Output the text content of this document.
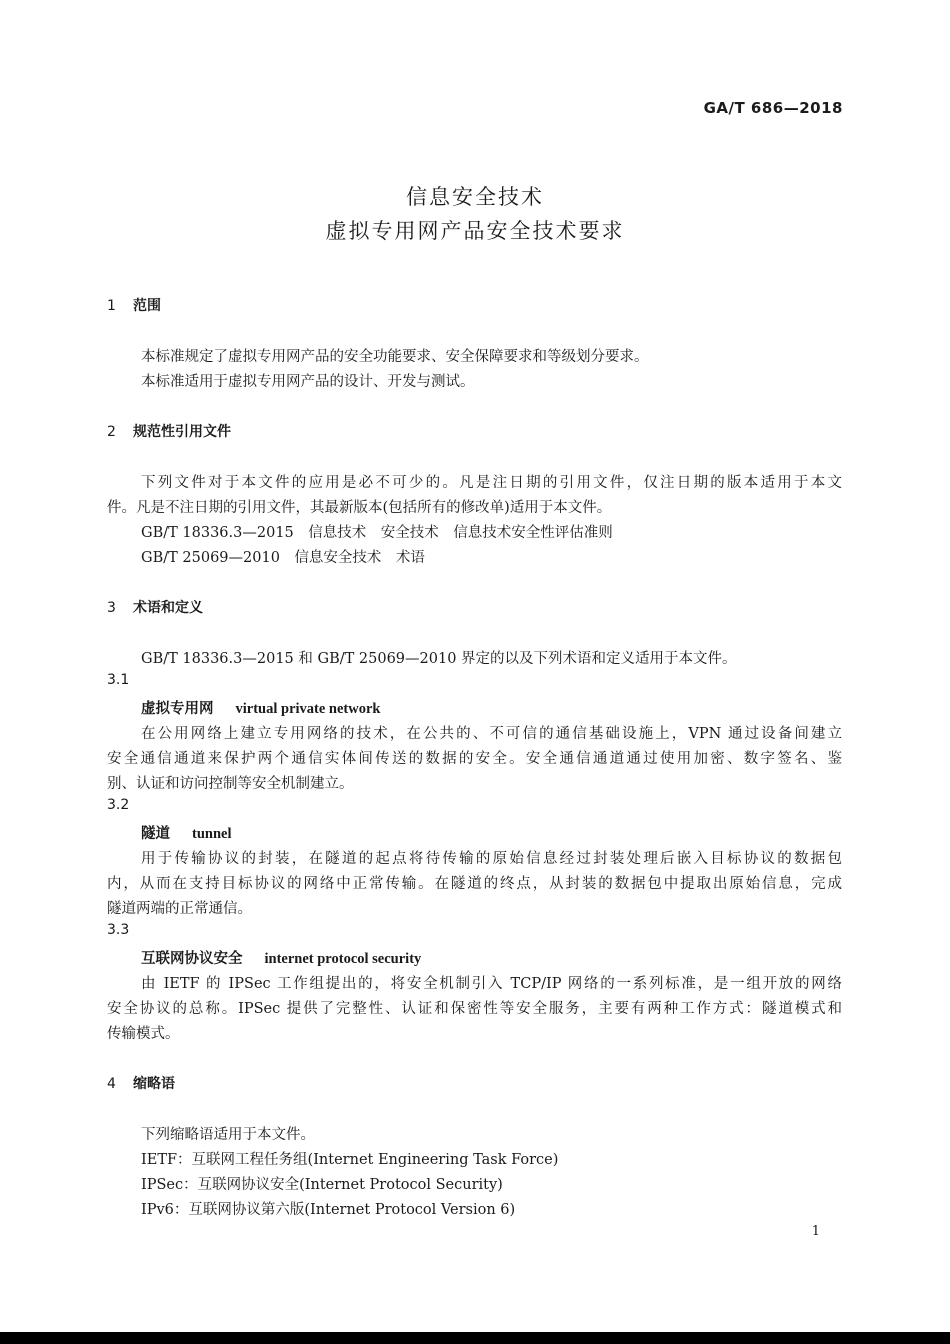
GA/T 686—2018
信息安全技术
虚拟专用网产品安全技术要求
1 范围
本标准规定了虚拟专用网产品的安全功能要求、安全保障要求和等级划分要求。
本标准适用于虚拟专用网产品的设计、开发与测试。
2 规范性引用文件
下列文件对于本文件的应用是必不可少的。凡是注日期的引用文件，仅注日期的版本适用于本文
件。凡是不注日期的引用文件，其最新版本(包括所有的修改单)适用于本文件。
GB/T 18336.3—2015　信息技术　安全技术　信息技术安全性评估准则
GB/T 25069—2010　信息安全技术　术语
3 术语和定义
GB/T 18336.3—2015 和 GB/T 25069—2010 界定的以及下列术语和定义适用于本文件。
3.1
虚拟专用网 virtual private network
在公用网络上建立专用网络的技术，在公共的、不可信的通信基础设施上，VPN 通过设备间建立
安全通信通道来保护两个通信实体间传送的数据的安全。安全通信通道通过使用加密、数字签名、鉴
别、认证和访问控制等安全机制建立。
3.2
隧道 tunnel
用于传输协议的封装，在隧道的起点将待传输的原始信息经过封装处理后嵌入目标协议的数据包
内，从而在支持目标协议的网络中正常传输。在隧道的终点，从封装的数据包中提取出原始信息，完成
隧道两端的正常通信。
3.3
互联网协议安全 internet protocol security
由 IETF 的 IPSec 工作组提出的，将安全机制引入 TCP/IP 网络的一系列标准，是一组开放的网络
安全协议的总称。IPSec 提供了完整性、认证和保密性等安全服务，主要有两种工作方式：隧道模式和
传输模式。
4 缩略语
下列缩略语适用于本文件。
IETF：互联网工程任务组(Internet Engineering Task Force)
IPSec：互联网协议安全(Internet Protocol Security)
IPv6：互联网协议第六版(Internet Protocol Version 6)
1
